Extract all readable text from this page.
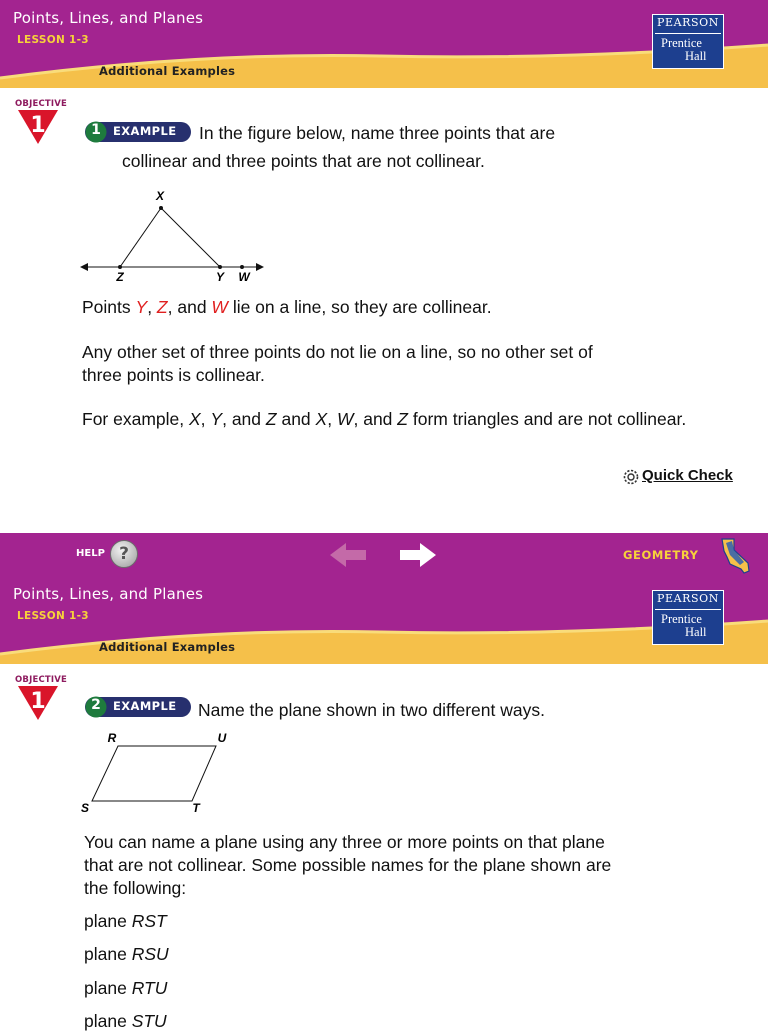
Points, Lines, and Planes
LESSON 1-3
Additional Examples
PEARSON
Prentice
Hall
OBJECTIVE
1	1	EXAMPLE In the figure below, name three points that are
collinear and three points that are not collinear.
X
Z	Y W
Points Y, Z, and W lie on a line, so they are collinear.
Any other set of three points do not lie on a line, so no other set of
three points is collinear.
For example, X, Y, and Z and X, W, and Z form triangles and are not collinear.
Quick Check
HELP ?	GEOMETRY
Points, Lines, and Planes
LESSON 1-3
Additional Examples
PEARSON
Prentice
Hall
OBJECTIVE
1	2	EXAMPLE Name the plane shown in two different ways.
R	U
S	T
You can name a plane using any three or more points on that plane
that are not collinear. Some possible names for the plane shown are
the following:
plane RST
plane RSU
plane RTU
plane STU
